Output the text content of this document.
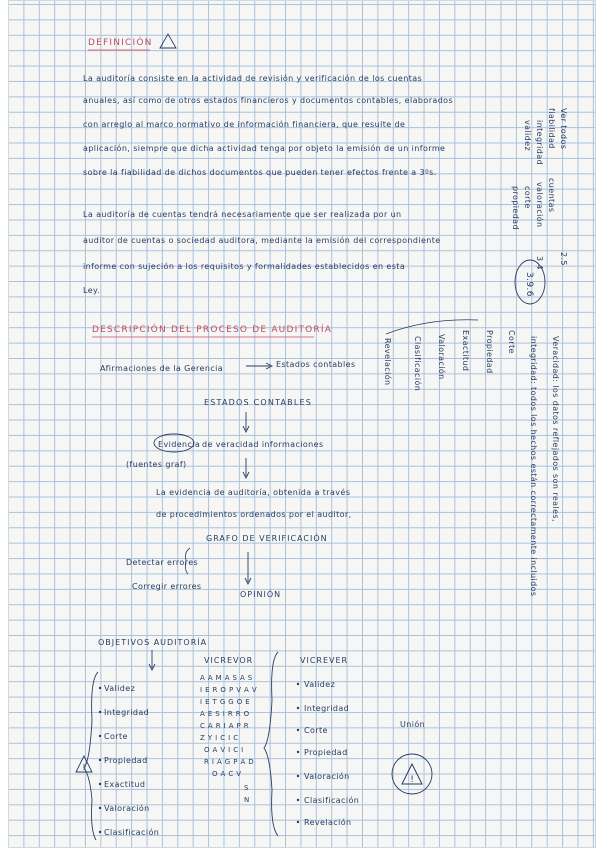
DEFINICIÓN
La auditoría consiste en la actividad de revisión y verificación de los cuentas
anuales, así como de otros estados financieros y documentos contables, elaborados
con arreglo al marco normativo de información financiera, que resulte de
aplicación, siempre que dicha actividad tenga por objeto la emisión de un informe
sobre la fiabilidad de dichos documentos que pueden tener efectos frente a 3ºs.
La auditoría de cuentas tendrá necesariamente que ser realizada por un
auditor de cuentas o sociedad auditora, mediante la emisión del correspondiente
informe con sujeción a los requisitos y formalidades establecidos en esta
Ley.
Ver todos
fiabilidad
integridad
validez
cuentas
valoración
corte
propiedad
2.5
3.4
3.9.6
DESCRIPCIÓN DEL PROCESO DE AUDITORÍA
Afirmaciones de la Gerencia	Estados contables
ESTADOS CONTABLES
Evidencia de veracidad informaciones
(fuentes graf)
La evidencia de auditoría, obtenida a través
de procedimientos ordenados por el auditor,
GRAFO DE VERIFICACIÓN
Detectar errores
Corregir errores
OPINIÓN
Revelación	Clasificación Valoración Exactitud Propiedad Corte	Veracidad: los datos reflejados son reales,
integridad: todos los hechos están correctamente incluidos
OBJETIVOS AUDITORÍA
Validez
Integridad
Corte
Propiedad
Exactitud
Valoración
Clasificación
VICREVOR
A A M A S A S
I E R O P V A V
I E T G G O E
A E S I R R O
C A R I A P R
Z Y I C I C
O A V I C I
R I A G P A D
O A C V
S
N
VICREVER
Validez
Integridad
Corte
Propiedad
Valoración
Clasificación
Revelación
Unión
!
!
